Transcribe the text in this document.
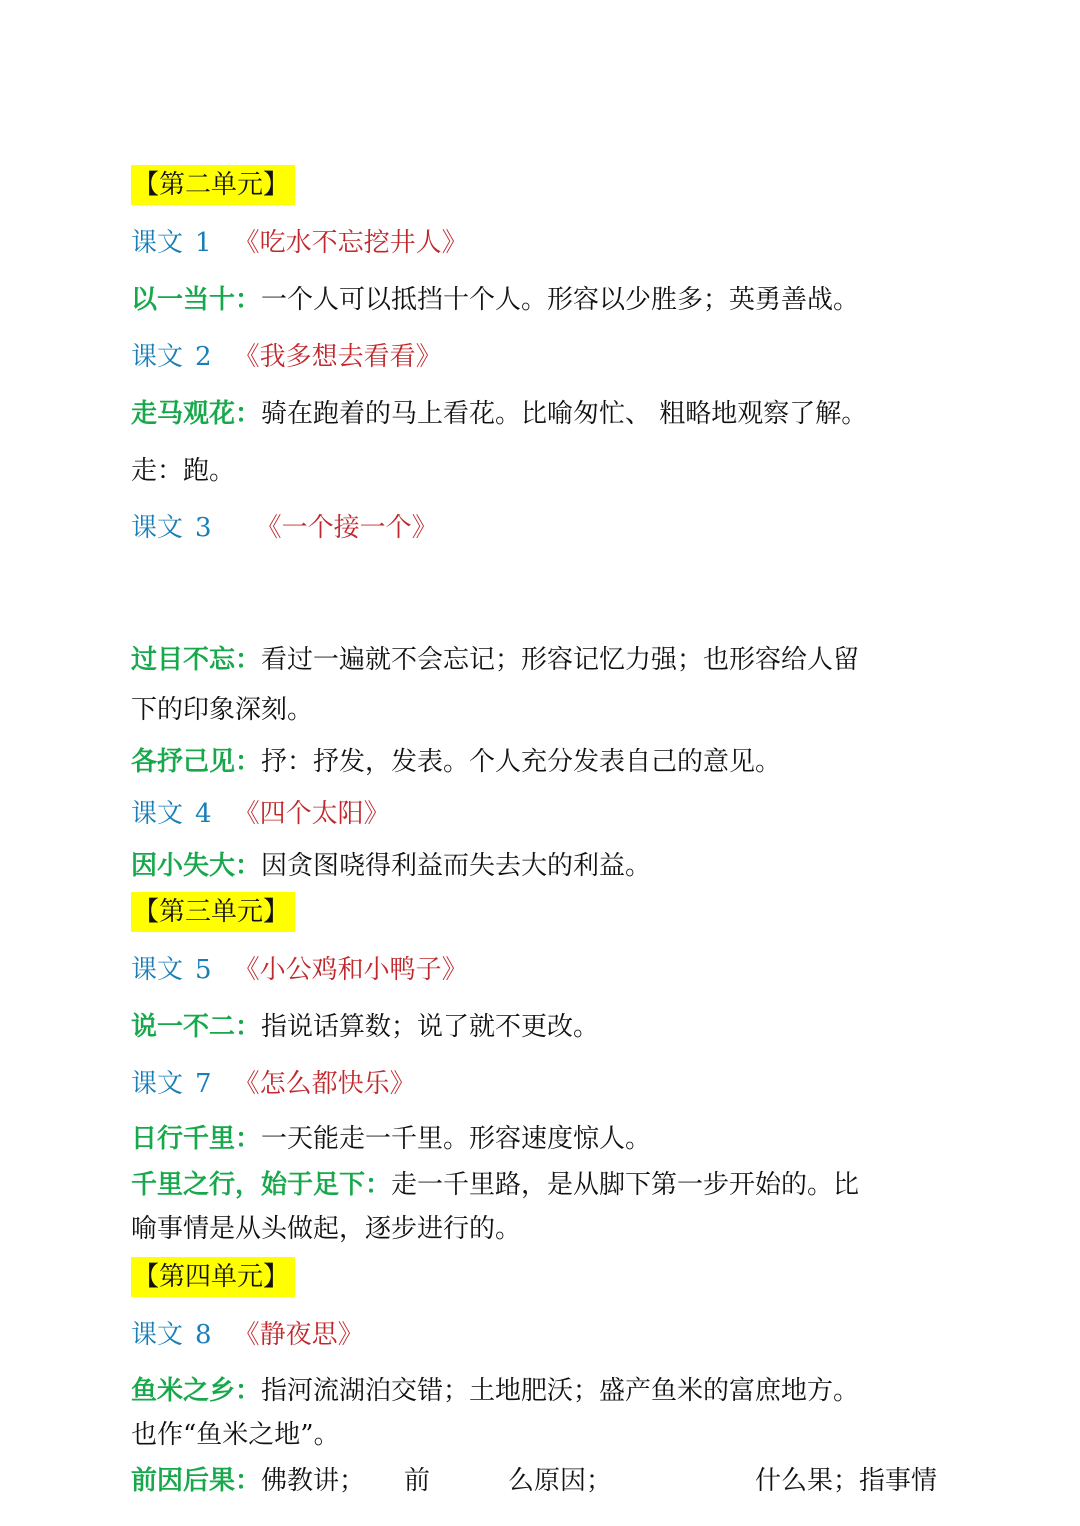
【第二单元】
课文 1 《吃水不忘挖井人》
以一当十：一个人可以抵挡十个人。形容以少胜多；英勇善战。
课文 2 《我多想去看看》
走马观花：骑在跑着的马上看花。比喻匆忙、 粗略地观察了解。
走：跑。
课文 3 《一个接一个》
过目不忘：看过一遍就不会忘记；形容记忆力强；也形容给人留
下的印象深刻。
各抒己见：抒：抒发，发表。个人充分发表自己的意见。
课文 4 《四个太阳》
因小失大：因贪图哓得利益而失去大的利益。
【第三单元】
课文 5 《小公鸡和小鸭子》
说一不二：指说话算数；说了就不更改。
课文 7 《怎么都快乐》
日行千里：一天能走一千里。形容速度惊人。
千里之行，始于足下：走一千里路，是从脚下第一步开始的。比
喻事情是从头做起，逐步进行的。
【第四单元】
课文 8 《静夜思》
鱼米之乡：指河流湖泊交错；土地肥沃；盛产鱼米的富庶地方。
也作“鱼米之地”。
前因后果：佛教讲；　　前　　　么原因；　　　　　　什么果；指事情
